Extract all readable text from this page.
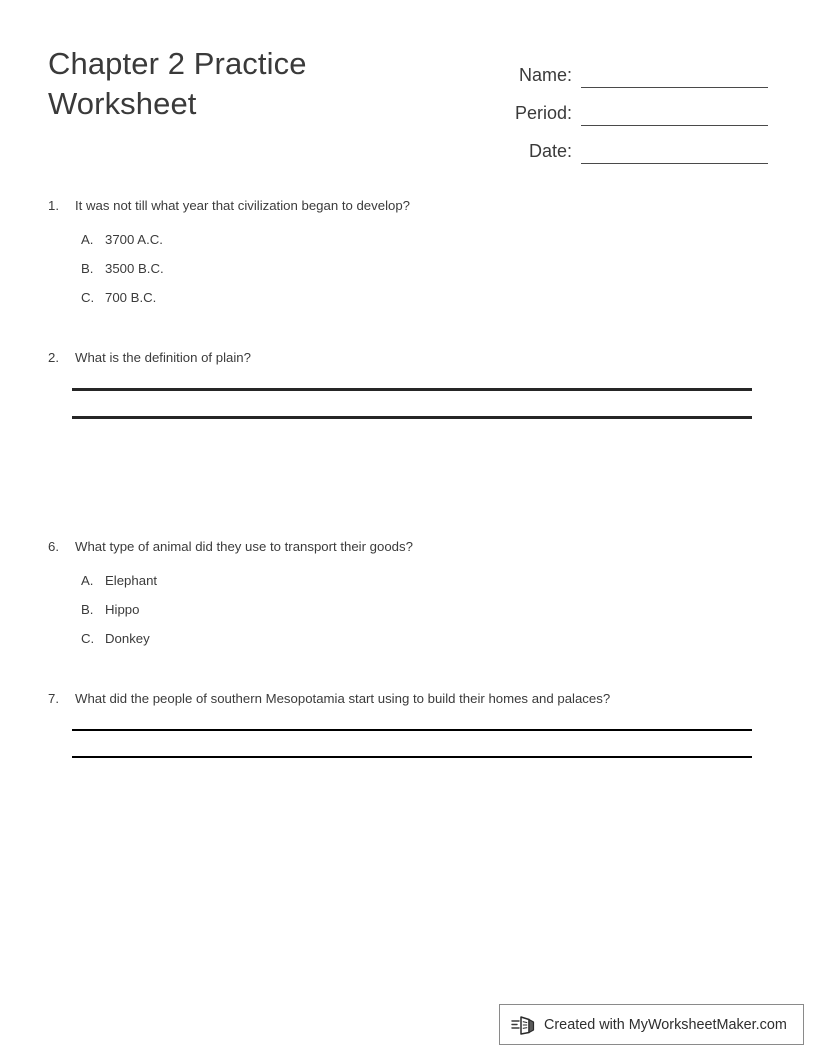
Chapter 2 Practice Worksheet
Name:
Period:
Date:
1.	It was not till what year that civilization began to develop?
A. 3700 A.C.
B. 3500 B.C.
C. 700 B.C.
2.	What is the definition of plain?
6.	What type of animal did they use to transport their goods?
A. Elephant
B. Hippo
C. Donkey
7.	What did the people of southern Mesopotamia start using to build their homes and palaces?
Created with MyWorksheetMaker.com
